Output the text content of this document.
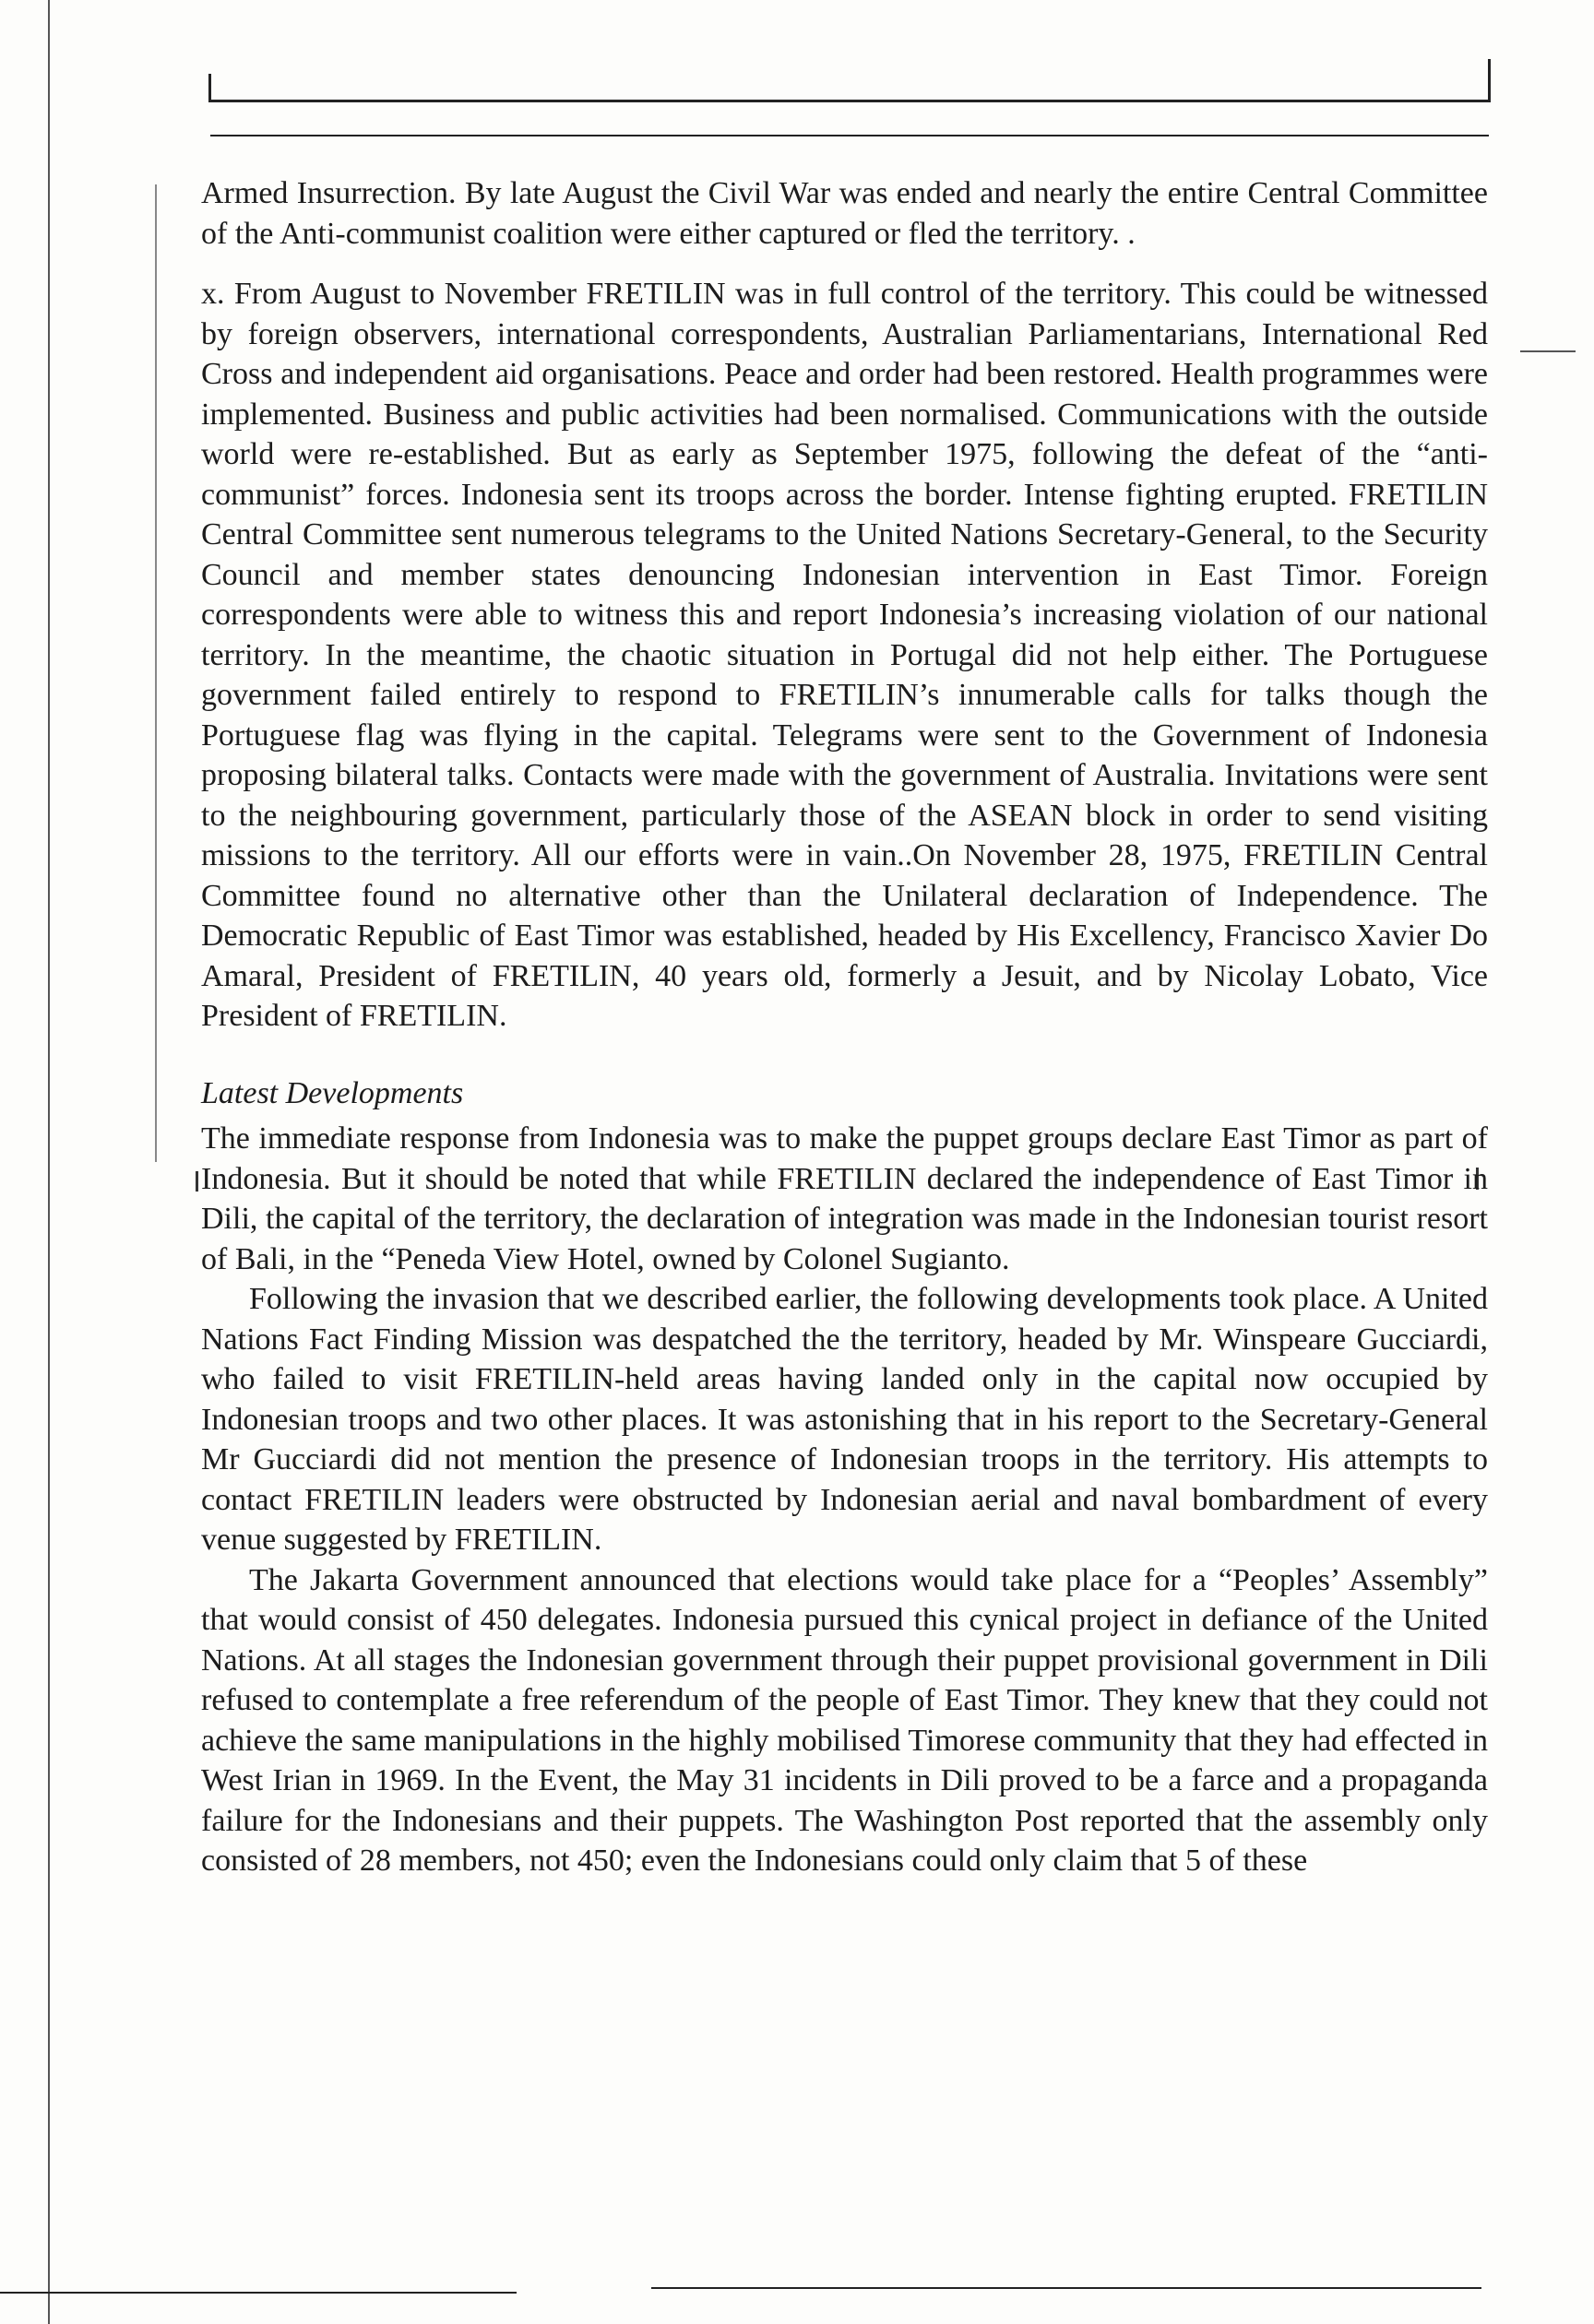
Armed Insurrection. By late August the Civil War was ended and nearly the entire Central Committee of the Anti-communist coalition were either captured or fled the territory. .

x. From August to November FRETILIN was in full control of the territory. This could be witnessed by foreign observers, international correspondents, Australian Parliamentarians, International Red Cross and independent aid organisations. Peace and order had been restored. Health programmes were implemented. Business and public activities had been normalised. Communications with the outside world were re-established. But as early as September 1975, following the defeat of the “anti-communist” forces. Indonesia sent its troops across the border. Intense fighting erupted. FRETILIN Central Committee sent numerous telegrams to the United Nations Secretary-General, to the Security Council and member states denouncing Indonesian intervention in East Timor. Foreign correspondents were able to witness this and report Indonesia’s increasing violation of our national territory. In the meantime, the chaotic situation in Portugal did not help either. The Portuguese government failed entirely to respond to FRETILIN’s innumerable calls for talks though the Portuguese flag was flying in the capital. Telegrams were sent to the Government of Indonesia proposing bilateral talks. Contacts were made with the government of Australia. Invitations were sent to the neighbouring government, particularly those of the ASEAN block in order to send visiting missions to the territory. All our efforts were in vain..On November 28, 1975, FRETILIN Central Committee found no alternative other than the Unilateral declaration of Independence. The Democratic Republic of East Timor was established, headed by His Excellency, Francisco Xavier Do Amaral, President of FRETILIN, 40 years old, formerly a Jesuit, and by Nicolay Lobato, Vice President of FRETILIN.

Latest Developments

The immediate response from Indonesia was to make the puppet groups declare East Timor as part of Indonesia. But it should be noted that while FRETILIN declared the independence of East Timor in Dili, the capital of the territory, the declaration of integration was made in the Indonesian tourist resort of Bali, in the “Peneda View Hotel, owned by Colonel Sugianto.

Following the invasion that we described earlier, the following developments took place. A United Nations Fact Finding Mission was despatched the the territory, headed by Mr. Winspeare Gucciardi, who failed to visit FRETILIN-held areas having landed only in the capital now occupied by Indonesian troops and two other places. It was astonishing that in his report to the Secretary-General Mr Gucciardi did not mention the presence of Indonesian troops in the territory. His attempts to contact FRETILIN leaders were obstructed by Indonesian aerial and naval bombardment of every venue suggested by FRETILIN.

The Jakarta Government announced that elections would take place for a “Peoples’ Assembly” that would consist of 450 delegates. Indonesia pursued this cynical project in defiance of the United Nations. At all stages the Indonesian government through their puppet provisional government in Dili refused to contemplate a free referendum of the people of East Timor. They knew that they could not achieve the same manipulations in the highly mobilised Timorese community that they had effected in West Irian in 1969. In the Event, the May 31 incidents in Dili proved to be a farce and a propaganda failure for the Indonesians and their puppets. The Washington Post reported that the assembly only consisted of 28 members, not 450; even the Indonesians could only claim that 5 of these
